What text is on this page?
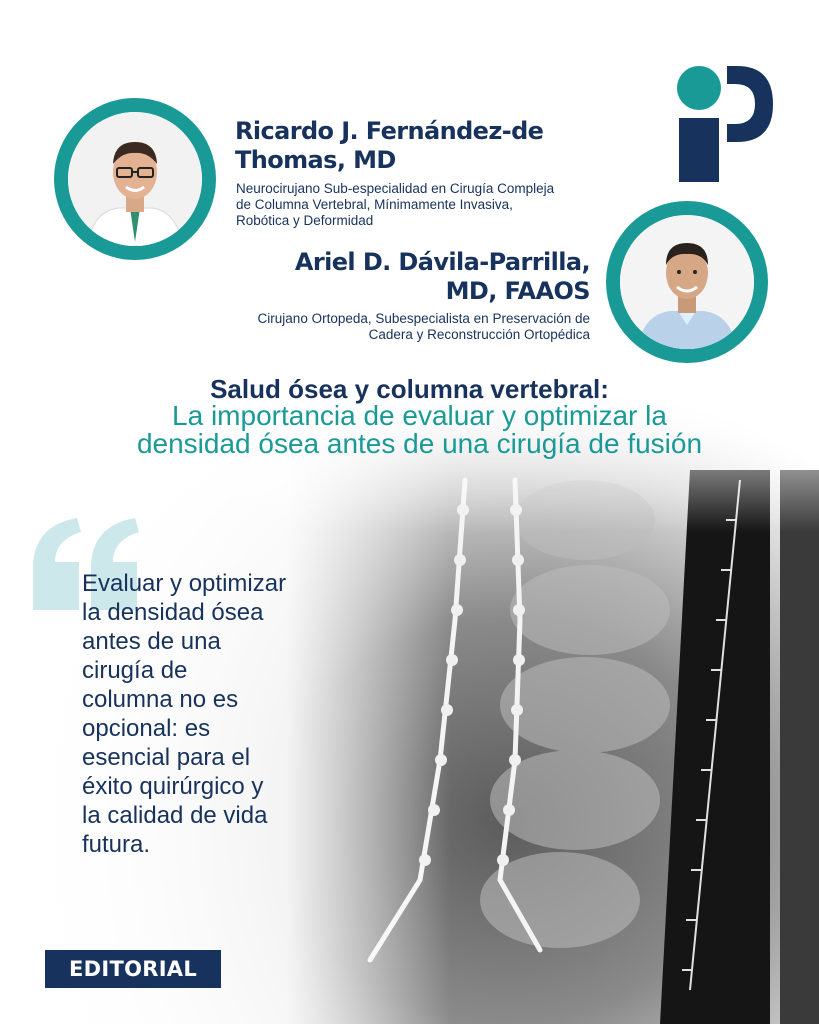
Ricardo J. Fernández-de
Thomas, MD
Neurocirujano Sub-especialidad en Cirugía Compleja
de Columna Vertebral, Mínimamente Invasiva,
Robótica y Deformidad
Ariel D. Dávila-Parrilla,
MD, FAAOS
Cirujano Ortopeda, Subespecialista en Preservación de
Cadera y Reconstrucción Ortopédica
Salud ósea y columna vertebral:
La importancia de evaluar y optimizar la
densidad ósea antes de una cirugía de fusión
Evaluar y optimizar
la densidad ósea
antes de una
cirugía de
columna no es
opcional: es
esencial para el
éxito quirúrgico y
la calidad de vida
futura.
EDITORIAL
